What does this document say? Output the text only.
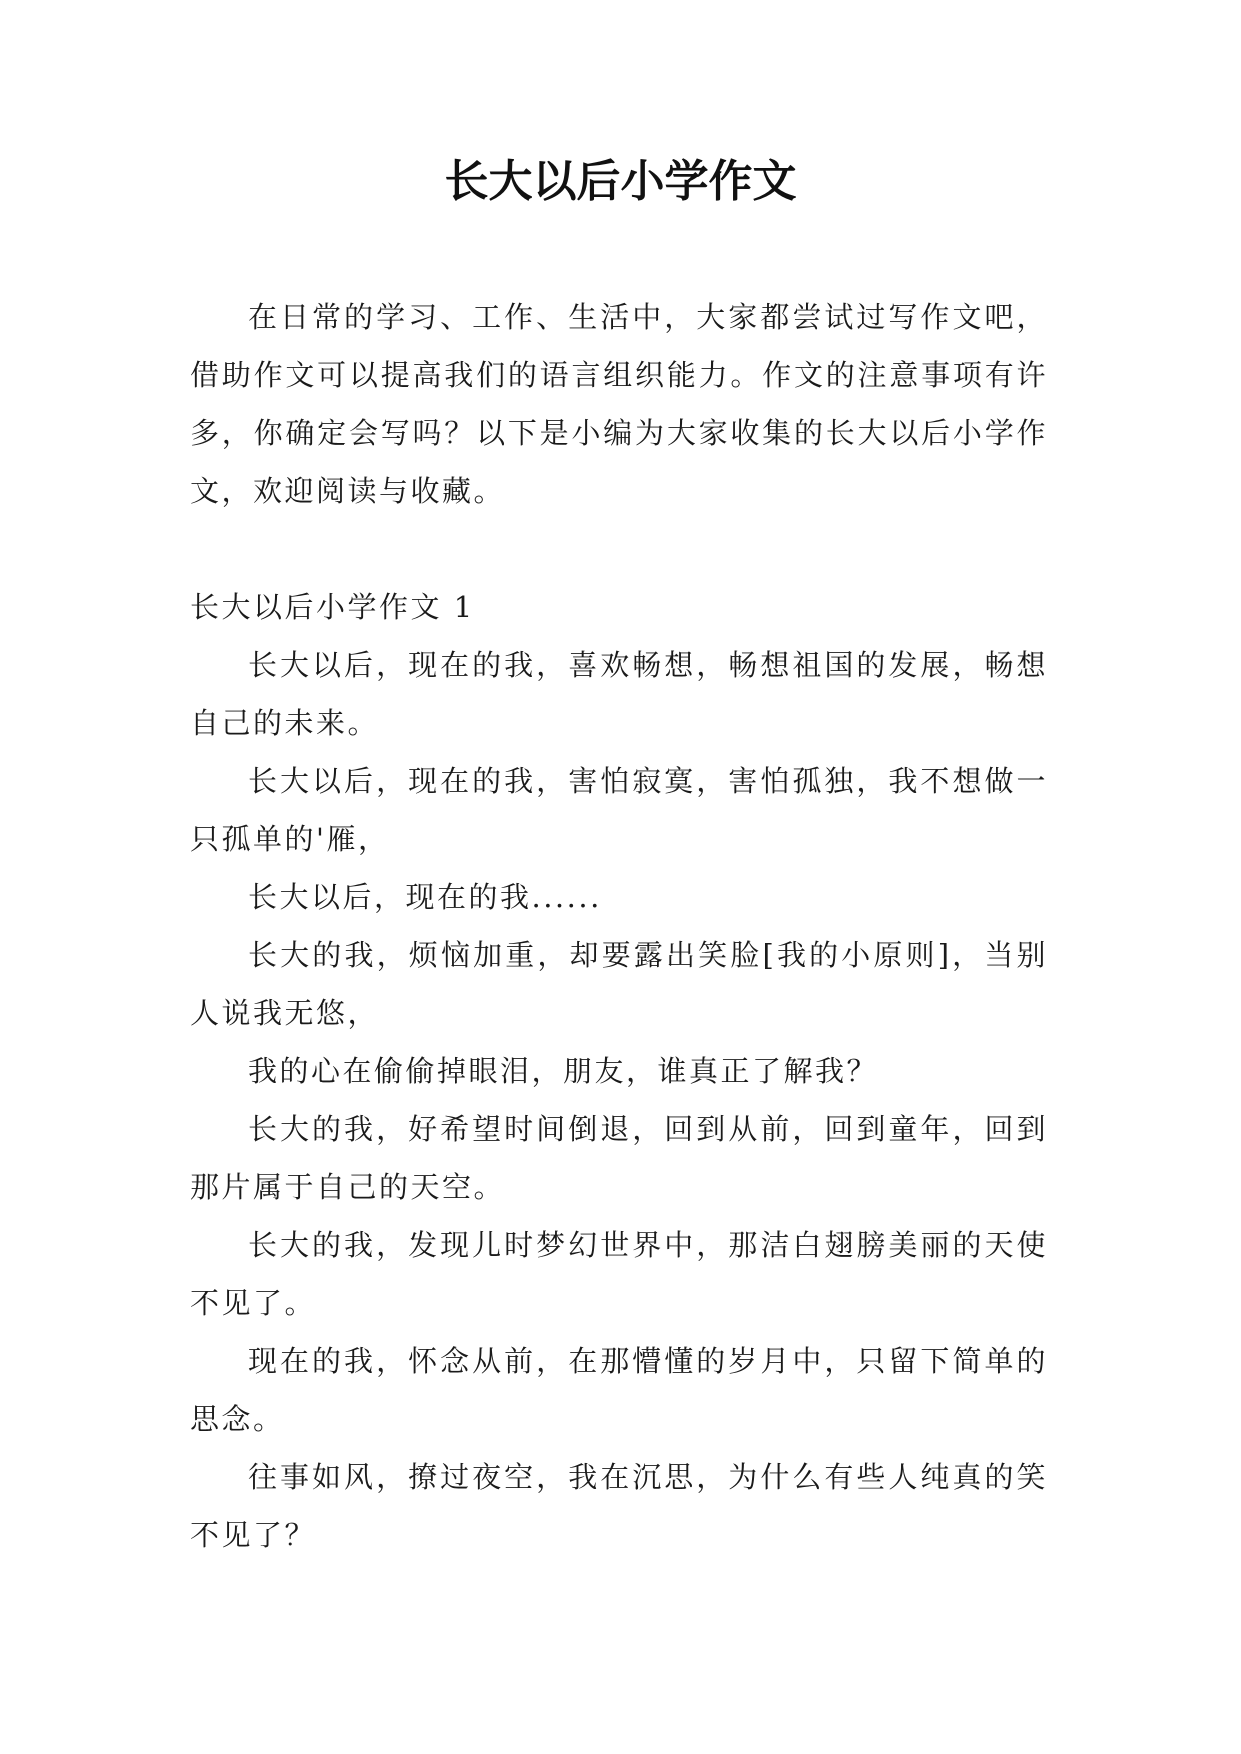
长大以后小学作文

在日常的学习、工作、生活中，大家都尝试过写作文吧，借助作文可以提高我们的语言组织能力。作文的注意事项有许多，你确定会写吗？以下是小编为大家收集的长大以后小学作文，欢迎阅读与收藏。

长大以后小学作文 1

长大以后，现在的我，喜欢畅想，畅想祖国的发展，畅想自己的未来。

长大以后，现在的我，害怕寂寞，害怕孤独，我不想做一只孤单的'雁，

长大以后，现在的我......

长大的我，烦恼加重，却要露出笑脸[我的小原则]，当别人说我无悠，

我的心在偷偷掉眼泪，朋友，谁真正了解我？

长大的我，好希望时间倒退，回到从前，回到童年，回到那片属于自己的天空。

长大的我，发现儿时梦幻世界中，那洁白翅膀美丽的天使不见了。

现在的我，怀念从前，在那懵懂的岁月中，只留下简单的思念。

往事如风，撩过夜空，我在沉思，为什么有些人纯真的笑不见了？
